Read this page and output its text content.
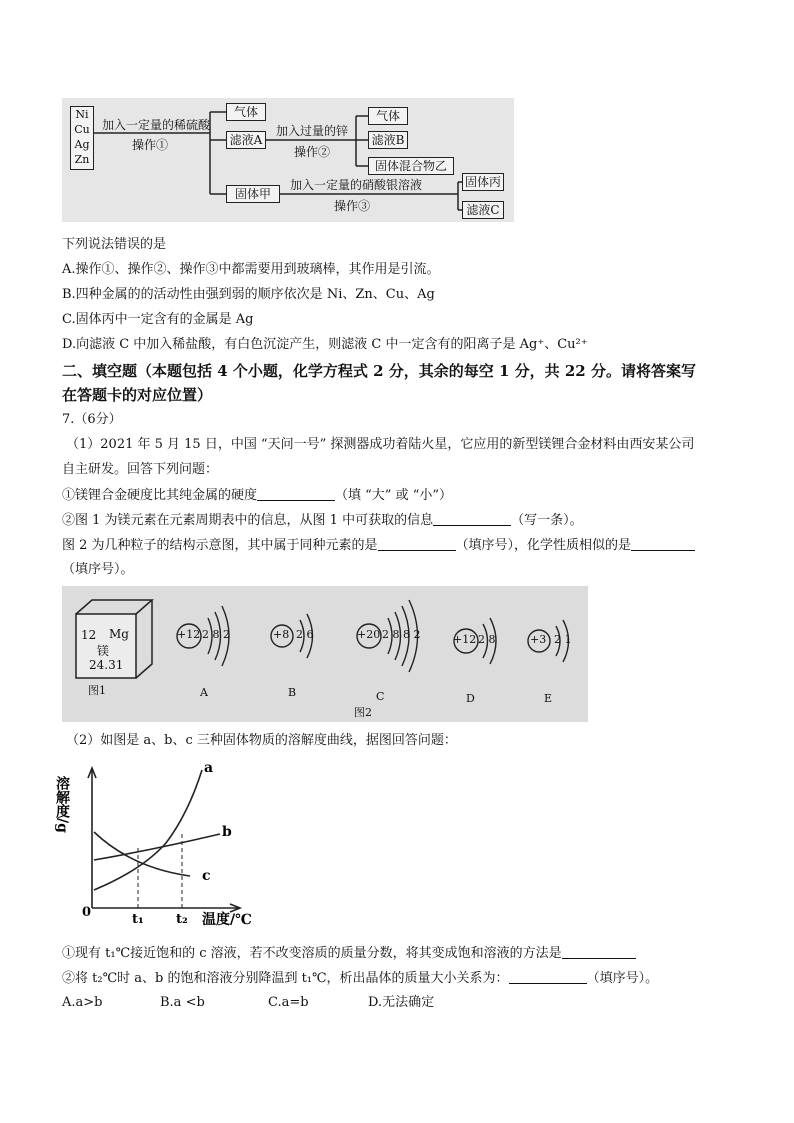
Ni
Cu
Ag
Zn
加入一定量的稀硫酸
操作①
气体
滤液A
加入过量的锌
操作②
气体
滤液B
固体混合物乙
固体甲
加入一定量的硝酸银溶液
操作③
固体丙
滤液C
下列说法错误的是
A.操作①、操作②、操作③中都需要用到玻璃棒，其作用是引流。
B.四种金属的的活动性由强到弱的顺序依次是 Ni、Zn、Cu、Ag
C.固体丙中一定含有的金属是 Ag
D.向滤液 C 中加入稀盐酸，有白色沉淀产生，则滤液 C 中一定含有的阳离子是 Ag⁺、Cu²⁺
二、填空题（本题包括 4 个小题，化学方程式 2 分，其余的每空 1 分，共 22 分。请将答案写
在答题卡的对应位置）
7.（6分）
（1）2021 年 5 月 15 日，中国 “天问一号” 探测器成功着陆火星，它应用的新型镁锂合金材料由西安某公司
自主研发。回答下列问题：
①镁锂合金硬度比其纯金属的硬度	（填 “大” 或 “小”）
②图 1 为镁元素在元素周期表中的信息，从图 1 中可获取的信息	（写一条）。
图 2 为几种粒子的结构示意图，其中属于同种元素的是	（填序号），化学性质相似的是
（填序号）。
12 Mg
镁
24.31
图1
+12 2 8 2
A
+8 2 6
B
+20 2 8 8 2
C
图2
+12 2 8
D
+3 2 1
E
（2）如图是 a、b、c 三种固体物质的溶解度曲线，据图回答问题：
溶解度/g
a
b
c
0	t₁ t₂ 温度/℃
①现有 t₁℃接近饱和的 c 溶液，若不改变溶质的质量分数，将其变成饱和溶液的方法是
②将 t₂℃时 a、b 的饱和溶液分别降温到 t₁℃，析出晶体的质量大小关系为：	（填序号）。
A.a>b	B.a <b	C.a=b	D.无法确定
